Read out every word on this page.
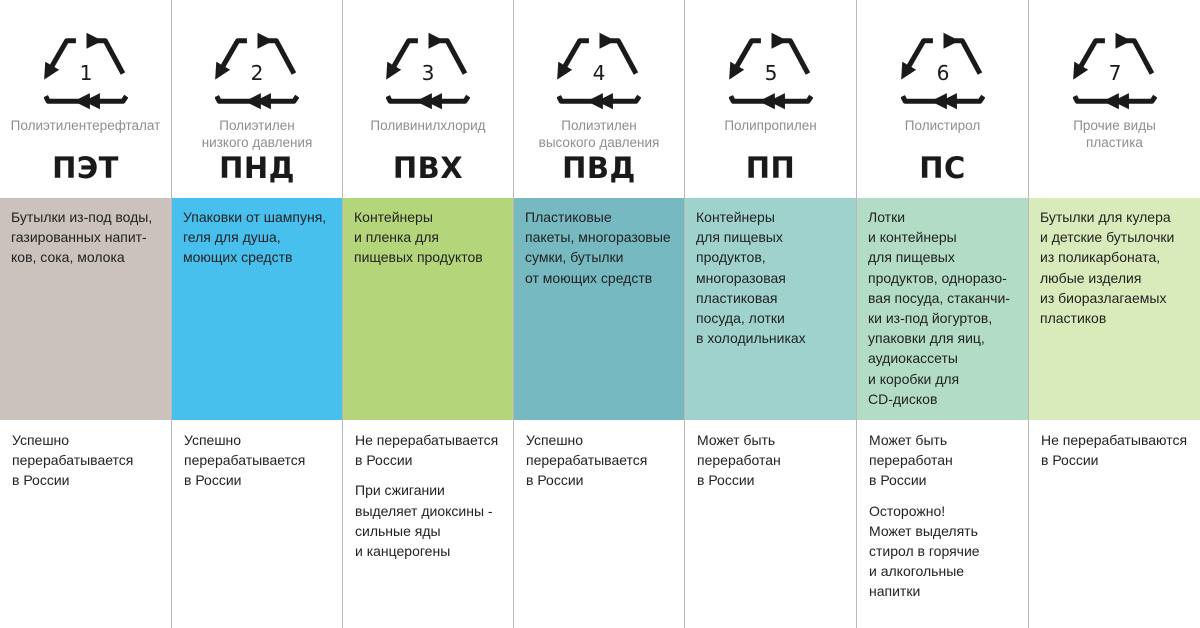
1
Полиэтилентерефталат
ПЭТ

Бутылки из-под воды,
газированных напит-
ков, сока, молока

Успешно
перерабатывается
в России

2
Полиэтилен
низкого давления
ПНД

Упаковки от шампуня,
геля для душа,
моющих средств

Успешно
перерабатывается
в России

3
Поливинилхлорид
ПВХ

Контейнеры
и пленка для
пищевых продуктов

Не перерабатывается
в России

При сжигании
выделяет диоксины -
сильные яды
и канцерогены

4
Полиэтилен
высокого давления
ПВД

Пластиковые
пакеты, многоразовые
сумки, бутылки
от моющих средств

Успешно
перерабатывается
в России

5
Полипропилен
ПП

Контейнеры
для пищевых
продуктов,
многоразовая
пластиковая
посуда, лотки
в холодильниках

Может быть
переработан
в России

6
Полистирол
ПС

Лотки
и контейнеры
для пищевых
продуктов, одноразо-
вая посуда, стаканчи-
ки из-под йогуртов,
упаковки для яиц,
аудиокассеты
и коробки для
CD-дисков

Может быть
переработан
в России

Осторожно!
Может выделять
стирол в горячие
и алкогольные
напитки

7
Прочие виды
пластика

Бутылки для кулера
и детские бутылочки
из поликарбоната,
любые изделия
из биоразлагаемых
пластиков

Не перерабатываются
в России
